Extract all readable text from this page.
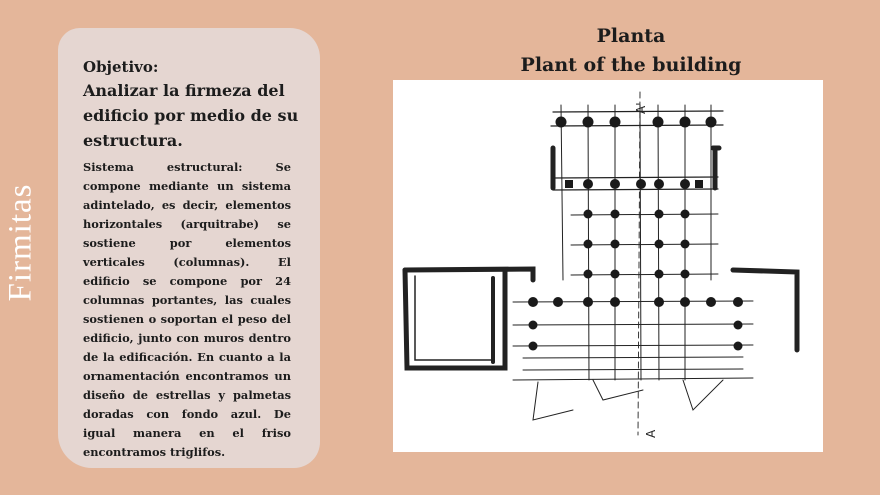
Firmitas
Objetivo:
Analizar la firmeza del edificio por medio de su estructura.
Sistema estructural: Se compone mediante un sistema adintelado, es decir, elementos horizontales (arquitrabe) se sostiene por elementos verticales (columnas). El edificio se compone por 24 columnas portantes, las cuales sostienen o soportan el peso del edificio, junto con muros dentro de la edificación. En cuanto a la ornamentación encontramos un diseño de estrellas y palmetas doradas con fondo azul. De igual manera en el friso encontramos triglifos.
Planta
Plant of the building
A'
A
